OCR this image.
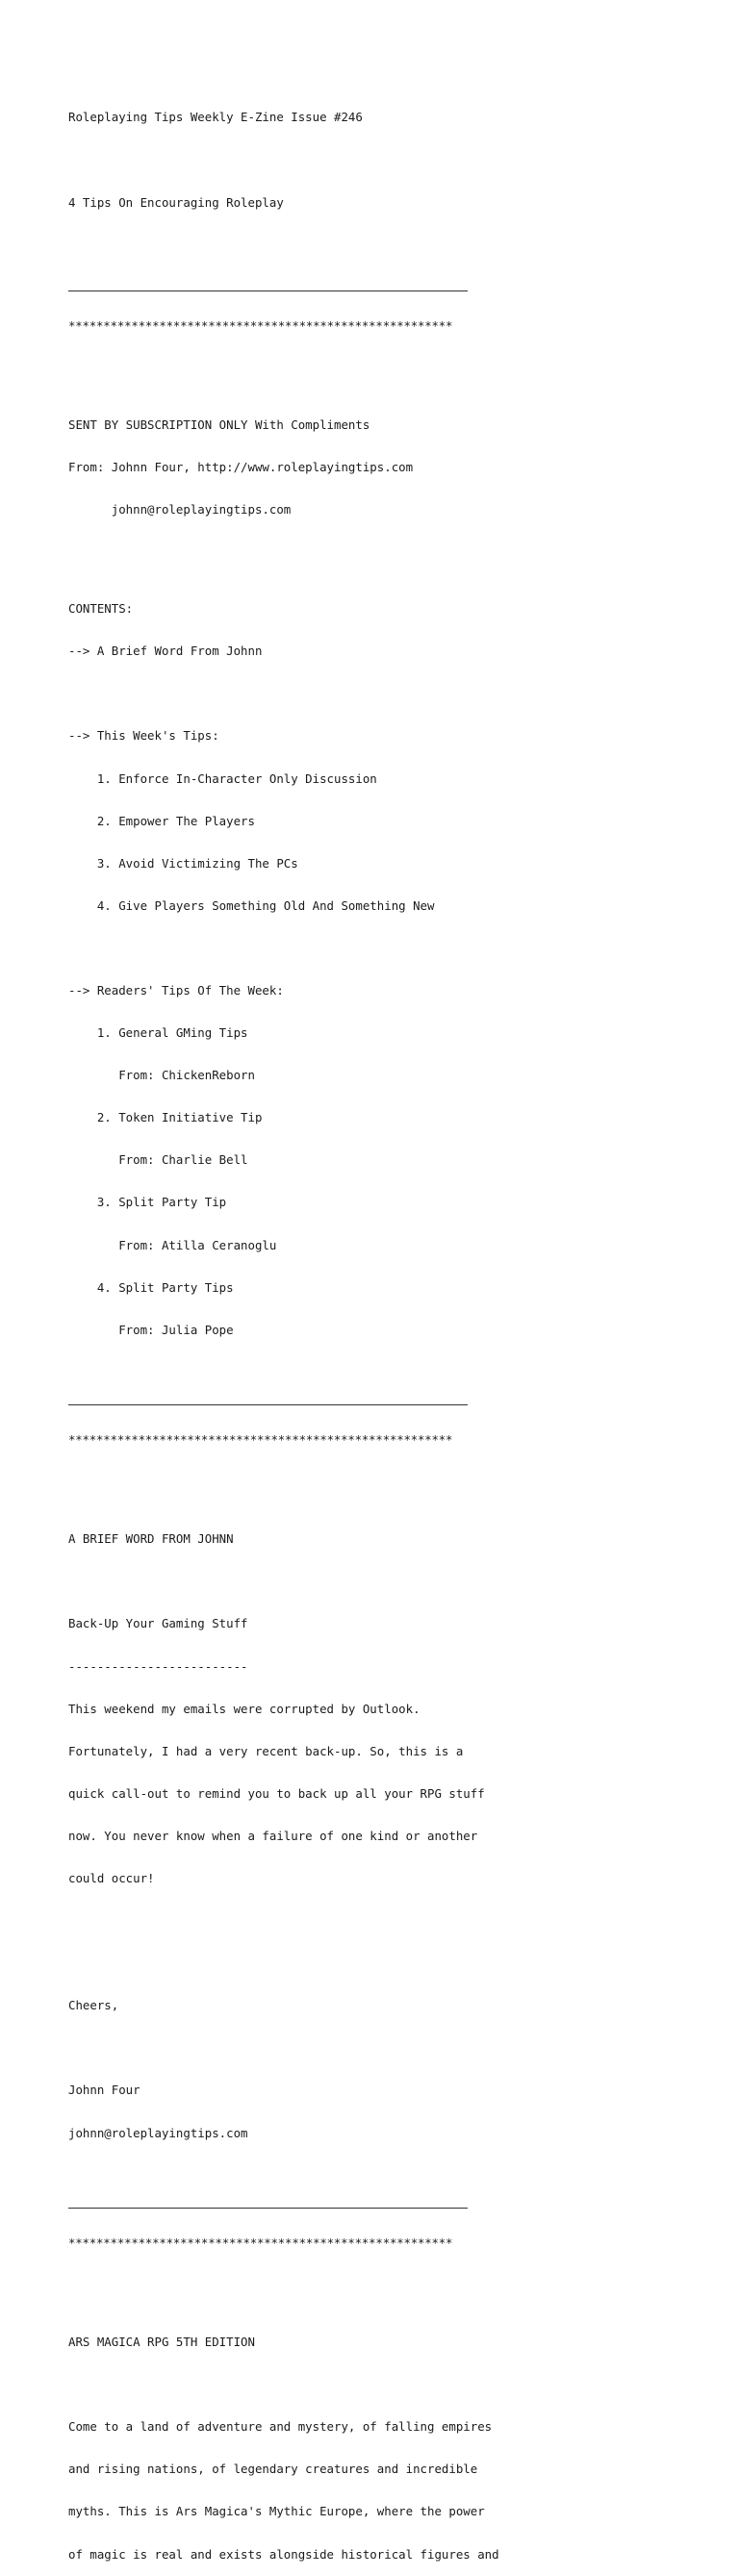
Roleplaying Tips Weekly E-Zine Issue #246

4 Tips On Encouraging Roleplay

*******************************************************

SENT BY SUBSCRIPTION ONLY With Compliments

From: Johnn Four, http://www.roleplayingtips.com

johnn@roleplayingtips.com

CONTENTS:

--> A Brief Word From Johnn

--> This Week's Tips:

1. Enforce In-Character Only Discussion

2. Empower The Players

3. Avoid Victimizing The PCs

4. Give Players Something Old And Something New

--> Readers' Tips Of The Week:

1. General GMing Tips

From: ChickenReborn

2. Token Initiative Tip

From: Charlie Bell

3. Split Party Tip

From: Atilla Ceranoglu

4. Split Party Tips

From: Julia Pope

*******************************************************

A BRIEF WORD FROM JOHNN

Back-Up Your Gaming Stuff

-------------------------

This weekend my emails were corrupted by Outlook.

Fortunately, I had a very recent back-up. So, this is a

quick call-out to remind you to back up all your RPG stuff

now. You never know when a failure of one kind or another

could occur!

Cheers,

Johnn Four

johnn@roleplayingtips.com

*******************************************************

ARS MAGICA RPG 5TH EDITION

Come to a land of adventure and mystery, of falling empires

and rising nations, of legendary creatures and incredible

myths. This is Ars Magica's Mythic Europe, where the power

of magic is real and exists alongside historical figures and
